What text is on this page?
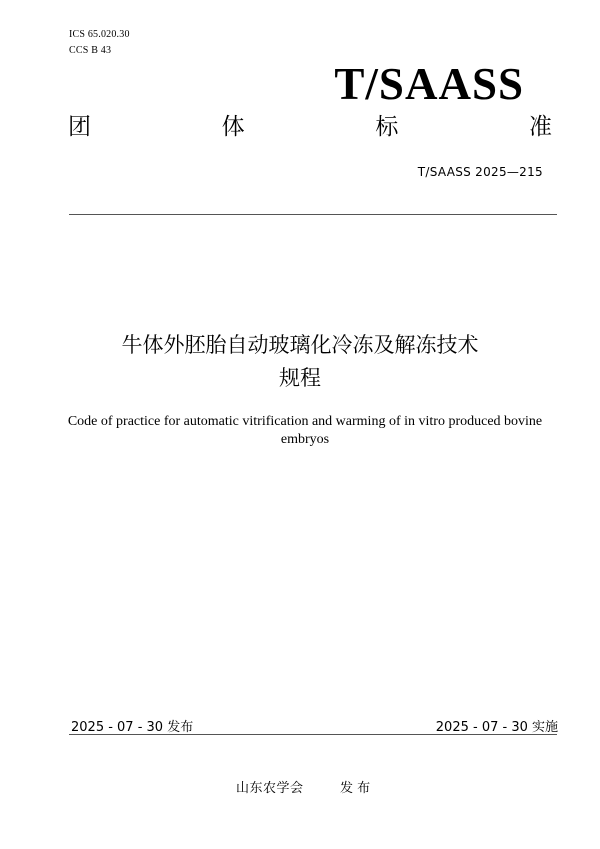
ICS 65.020.30
CCS B 43
T/SAASS
团	体	标	准
T/SAASS 2025—215
牛体外胚胎自动玻璃化冷冻及解冻技术
规程
Code of practice for automatic vitrification and warming of in vitro produced bovine
embryos
2025 - 07 - 30 发布	2025 - 07 - 30 实施
山东农学会	发 布
